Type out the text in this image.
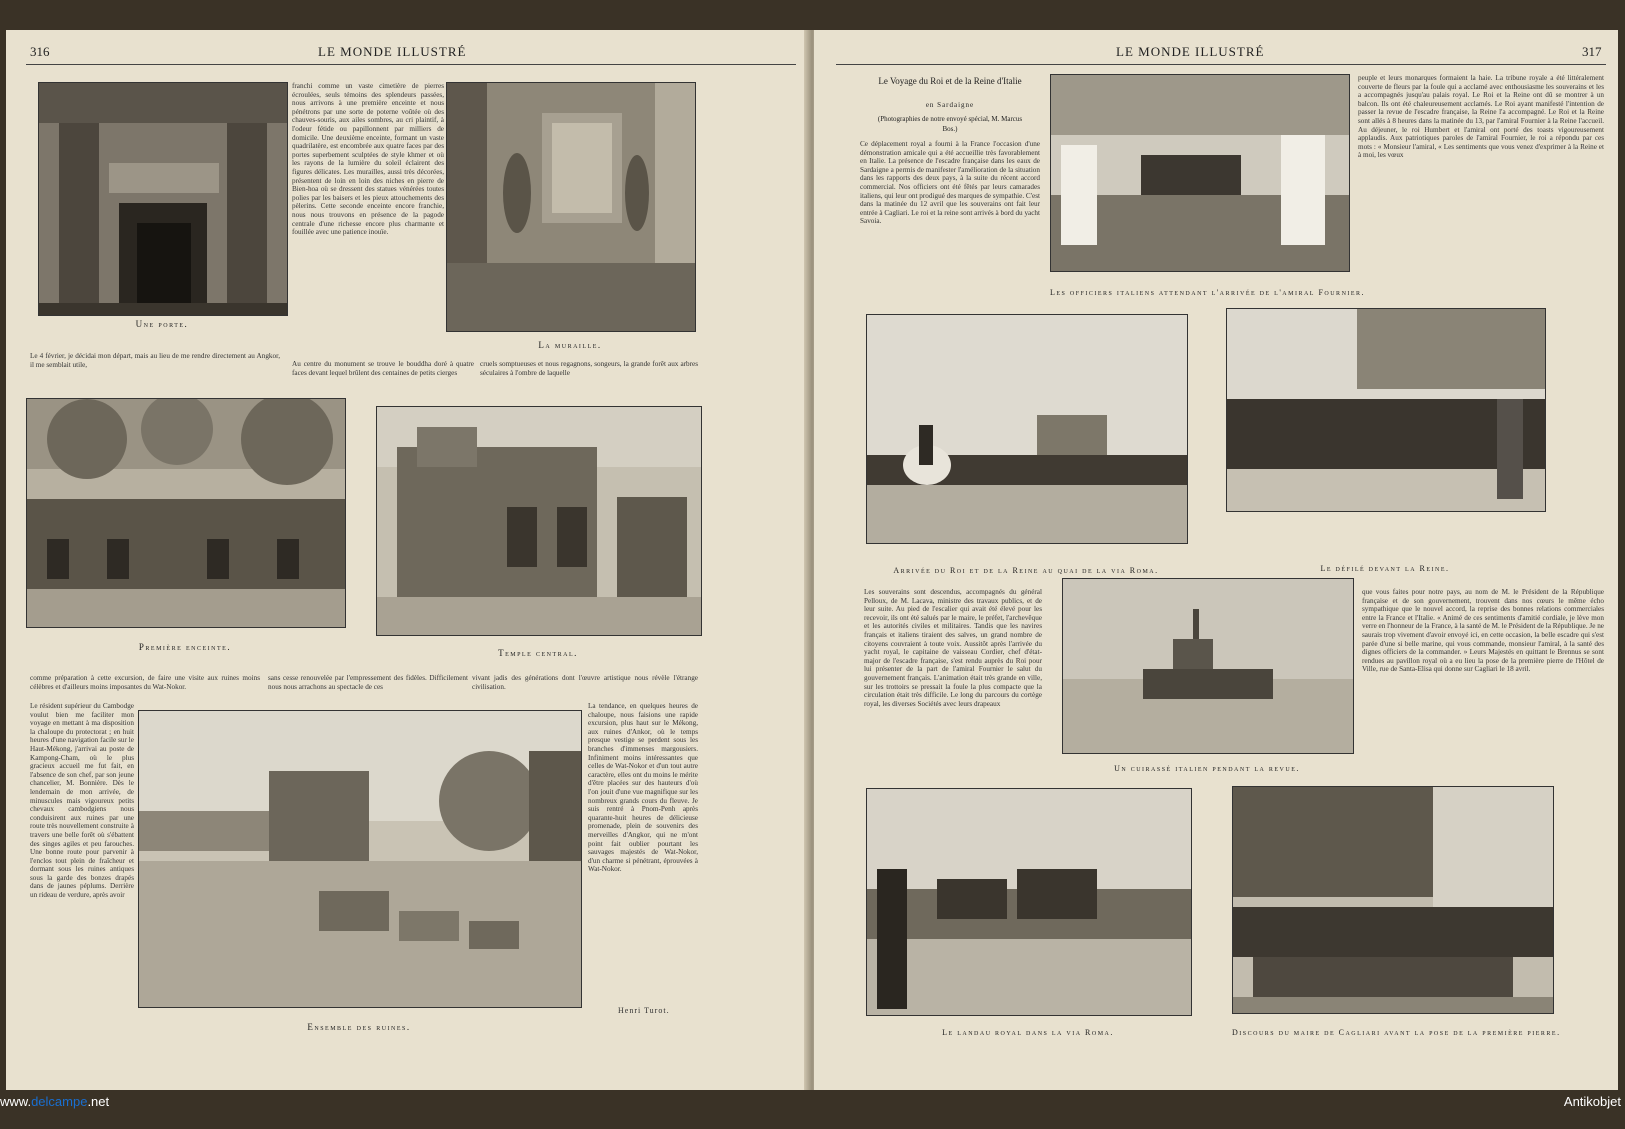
316	LE MONDE ILLUSTRÉ
Une porte.
franchi comme un vaste cimetière de pierres écroulées, seuls témoins des splendeurs passées, nous arrivons à une première enceinte et nous pénétrons par une sorte de poterne voûtée où des chauves-souris, aux ailes sombres, au cri plaintif, à l'odeur fétide ou papillonnent par milliers de domicile. Une deuxième enceinte, formant un vaste quadrilatère, est encombrée aux quatre faces par des portes superbement sculptées de style khmer et où les rayons de la lumière du soleil éclairent des figures délicates. Les murailles, aussi très décorées, présentent de loin en loin des niches en pierre de Bien-hoa où se dressent des statues vénérées toutes polies par les baisers et les pieux attouchements des pèlerins. Cette seconde enceinte encore franchie, nous nous trouvons en présence de la pagode centrale d'une richesse encore plus charmante et fouillée avec une patience inouïe.
La muraille.
Le 4 février, je décidai mon départ, mais au lieu de me rendre directement au Angkor, il me semblait utile,	Au centre du monument se trouve le bouddha doré à quatre faces devant lequel brûlent des centaines de petits cierges
cruels somptueuses et nous regagnons, songeurs, la grande forêt aux arbres séculaires à l'ombre de laquelle
Première enceinte.
Temple central.
comme préparation à cette excursion, de faire une visite aux ruines moins célèbres et d'ailleurs moins imposantes du Wat-Nokor.
sans cesse renouvelée par l'empressement des fidèles. Difficilement nous nous arrachons au spectacle de ces
vivant jadis des générations dont l'œuvre artistique nous révèle l'étrange civilisation.
Le résident supérieur du Cambodge voulut bien me faciliter mon voyage en mettant à ma disposition la chaloupe du protectorat ; en huit heures d'une navigation facile sur le Haut-Mékong, j'arrivai au poste de Kampong-Cham, où le plus gracieux accueil me fut fait, en l'absence de son chef, par son jeune chancelier, M. Bonnière. Dès le lendemain de mon arrivée, de minuscules mais vigoureux petits chevaux cambodgiens nous conduisirent aux ruines par une route très nouvellement construite à travers une belle forêt où s'ébattent des singes agiles et peu farouches. Une bonne route pour parvenir à l'enclos tout plein de fraîcheur et dormant sous les ruines antiques sous la garde des bonzes drapés dans de jaunes péplums. Derrière un rideau de verdure, après avoir
Ensemble des ruines.
La tendance, en quelques heures de chaloupe, nous faisions une rapide excursion, plus haut sur le Mékong, aux ruines d'Ankor, où le temps presque vestige se perdent sous les branches d'immenses margousiers. Infiniment moins intéressantes que celles de Wat-Nokor et d'un tout autre caractère, elles ont du moins le mérite d'être placées sur des hauteurs d'où l'on jouit d'une vue magnifique sur les nombreux grands cours du fleuve. Je suis rentré à Pnom-Penh après quarante-huit heures de délicieuse promenade, plein de souvenirs des merveilles d'Angkor, qui ne m'ont point fait oublier pourtant les sauvages majestés de Wat-Nokor, d'un charme si pénétrant, éprouvées à Wat-Nokor.
Henri Turot.
LE MONDE ILLUSTRÉ	317
Le Voyage du Roi et de la Reine d'Italie
en Sardaigne
(Photographies de notre envoyé spécial, M. Marcus Bos.)
Ce déplacement royal a fourni à la France l'occasion d'une démonstration amicale qui a été accueillie très favorablement en Italie. La présence de l'escadre française dans les eaux de Sardaigne a permis de manifester l'amélioration de la situation dans les rapports des deux pays, à la suite du récent accord commercial. Nos officiers ont été fêtés par leurs camarades italiens, qui leur ont prodigué des marques de sympathie. C'est dans la matinée du 12 avril que les souverains ont fait leur entrée à Cagliari. Le roi et la reine sont arrivés à bord du yacht Savoia.
Les officiers italiens attendant l'arrivée de l'amiral Fournier.
peuple et leurs monarques formaient la haie. La tribune royale a été littéralement couverte de fleurs par la foule qui a acclamé avec enthousiasme les souverains et les a accompagnés jusqu'au palais royal. Le Roi et la Reine ont dû se montrer à un balcon. Ils ont été chaleureusement acclamés. Le Roi ayant manifesté l'intention de passer la revue de l'escadre française, la Reine l'a accompagné. Le Roi et la Reine sont allés à 8 heures dans la matinée du 13, par l'amiral Fournier à la Reine l'accueil. Au déjeuner, le roi Humbert et l'amiral ont porté des toasts vigoureusement applaudis. Aux patriotiques paroles de l'amiral Fournier, le roi a répondu par ces mots : « Monsieur l'amiral, « Les sentiments que vous venez d'exprimer à la Reine et à moi, les vœux
Arrivée du Roi et de la Reine au quai de la via Roma.	Le défilé devant la Reine.
Les souverains sont descendus, accompagnés du général Pelloux, de M. Lacava, ministre des travaux publics, et de leur suite. Au pied de l'escalier qui avait été élevé pour les recevoir, ils ont été salués par le maire, le préfet, l'archevêque et les autorités civiles et militaires. Tandis que les navires français et italiens tiraient des salves, un grand nombre de citoyens couvraient à toute voix. Aussitôt après l'arrivée du yacht royal, le capitaine de vaisseau Cordier, chef d'état-major de l'escadre française, s'est rendu auprès du Roi pour lui présenter de la part de l'amiral Fournier le salut du gouvernement français. L'animation était très grande en ville, sur les trottoirs se pressait la foule la plus compacte que la circulation était très difficile. Le long du parcours du cortège royal, les diverses Sociétés avec leurs drapeaux
Un cuirassé italien pendant la revue.
que vous faites pour notre pays, au nom de M. le Président de la République française et de son gouvernement, trouvent dans nos cœurs le même écho sympathique que le nouvel accord, la reprise des bonnes relations commerciales entre la France et l'Italie. « Animé de ces sentiments d'amitié cordiale, je lève mon verre en l'honneur de la France, à la santé de M. le Président de la République. Je ne saurais trop vivement d'avoir envoyé ici, en cette occasion, la belle escadre qui s'est parée d'une si belle marine, qui vous commande, monsieur l'amiral, à la santé des dignes officiers de la commander. » Leurs Majestés en quittant le Brennus se sont rendues au pavillon royal où a eu lieu la pose de la première pierre de l'Hôtel de Ville, rue de Santa-Elisa qui donne sur Cagliari le 18 avril.
Le landau royal dans la via Roma.	Discours du maire de Cagliari avant la pose de la première pierre.
www.delcampe.net	Antikobjet
